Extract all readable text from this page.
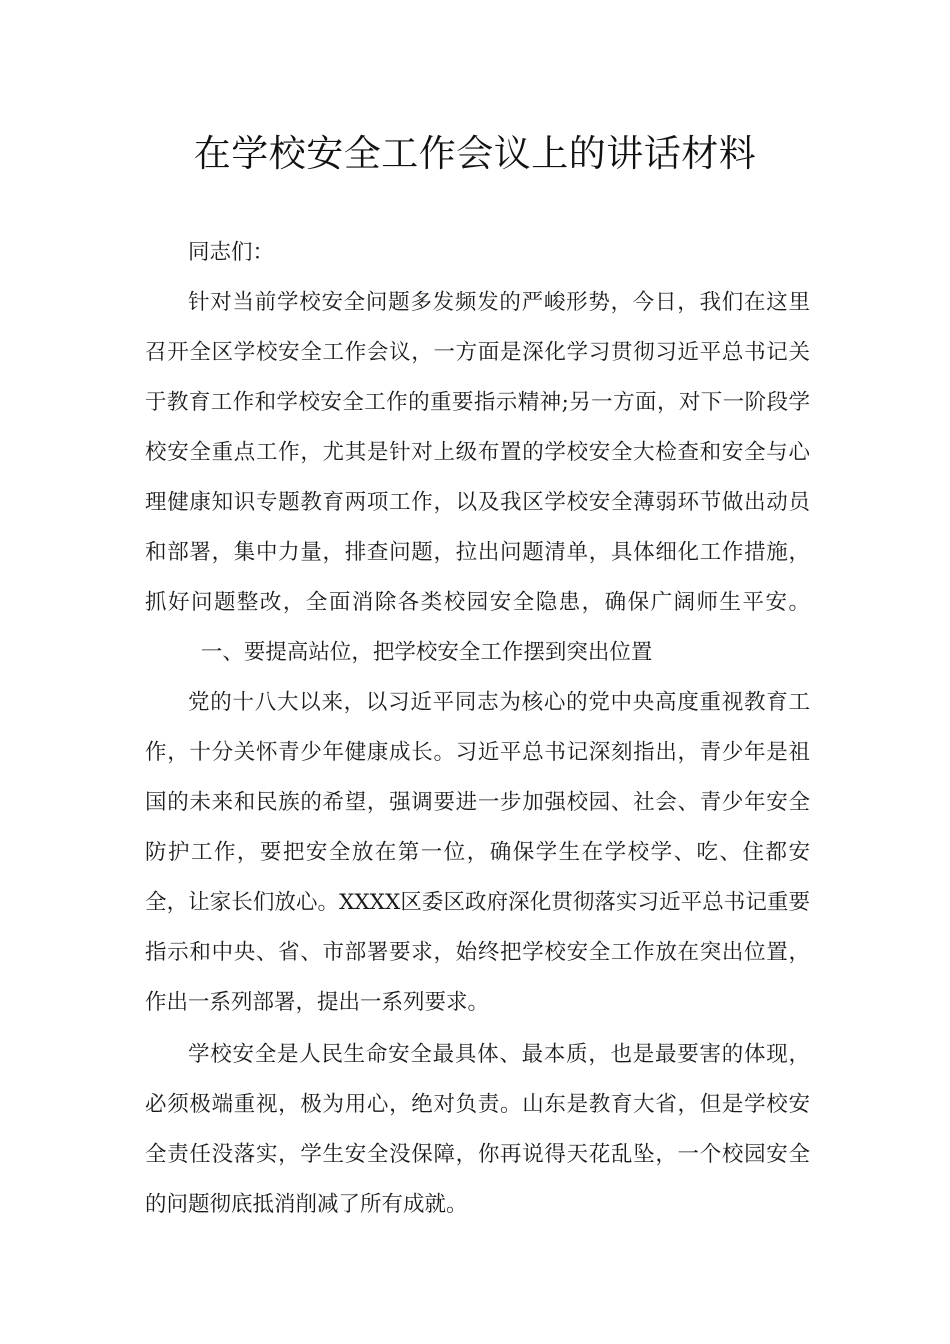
在学校安全工作会议上的讲话材料

同志们：

针对当前学校安全问题多发频发的严峻形势，今日，我们在这里召开全区学校安全工作会议，一方面是深化学习贯彻习近平总书记关于教育工作和学校安全工作的重要指示精神;另一方面，对下一阶段学校安全重点工作，尤其是针对上级布置的学校安全大检查和安全与心理健康知识专题教育两项工作，以及我区学校安全薄弱环节做出动员和部署，集中力量，排查问题，拉出问题清单，具体细化工作措施，抓好问题整改，全面消除各类校园安全隐患，确保广阔师生平安。一、要提高站位，把学校安全工作摆到突出位置

党的十八大以来，以习近平同志为核心的党中央高度重视教育工作，十分关怀青少年健康成长。习近平总书记深刻指出，青少年是祖国的未来和民族的希望，强调要进一步加强校园、社会、青少年安全防护工作，要把安全放在第一位，确保学生在学校学、吃、住都安全，让家长们放心。XXXX区委区政府深化贯彻落实习近平总书记重要指示和中央、省、市部署要求，始终把学校安全工作放在突出位置，作出一系列部署，提出一系列要求。

学校安全是人民生命安全最具体、最本质，也是最要害的体现，必须极端重视，极为用心，绝对负责。山东是教育大省，但是学校安全责任没落实，学生安全没保障，你再说得天花乱坠，一个校园安全的问题彻底抵消削减了所有成就。
